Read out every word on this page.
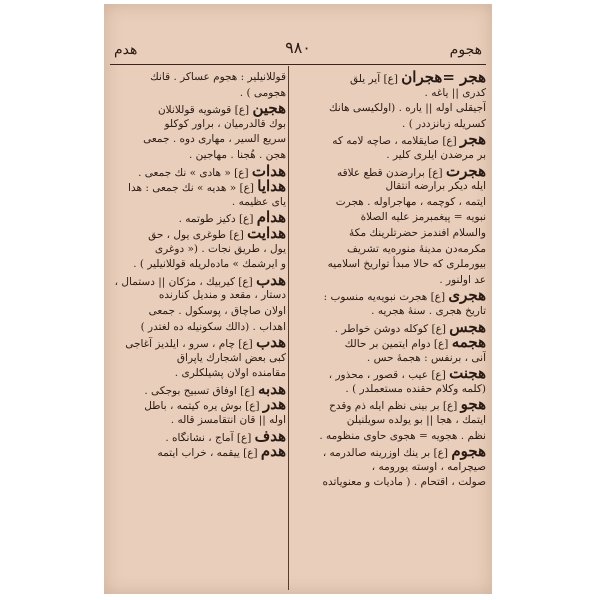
هجوم
۹۸۰
هدم
هجر =هجران [ع] آیر یلق
کدری || یاغه .
آجیقلی اوله || یاره . (اولکیسی هانك
کسریله زبانزددر ) .
هجر [ع] صایقلامه ، صاچه لامه که
بر مرضدن ایلری کلیر .
هجرت [ع] برارضدن قطع علاقه
ایله دیکر برارضه انتقال
ایتمه ، کوچمه ، مهاجراوله . هجرت
نبویه = پیغمبرمز علیه الصلاة
والسلام افندمز حضرتلرینك مکهٔ
مکرمه‌دن مدینهٔ منوره‌یه تشریف
بیورملری که حالا مبدأ تواریخ اسلامیه
عد اولنور .
هجری [ع] هجرت نبویه‌یه منسوب :
تاریخ هجری . سنهٔ هجریه .
هجس [ع] کوکله دوشن خواطر .
هجمه [ع] دوام ایتمین بر حالك
آنی ، برنفس : هجمهٔ حس .
هجنت [ع] عیب ، قصور ، محذور ،
(کلمه وکلام حقنده مستعملدر ) .
هجو [ع] بر بینی نظم ایله ذم وقدح
ایتمك ، هجا || بو یولده سویلنیلن
نظم . هجویه = هجوی حاوی منظومه .
هجوم [ع] بر ینك اوزرینه صالدرمه ،
صیچرامه ، اوسته یورومه ،
صولت ، اقتحام . ( مادیات و معنویاتده
قوللانیلیر : هجوم عساکر . قانك
هجومی ) .
هجین [ع] قوشویه قوللانلان
بوك قالدرمیان ، براور کوکلو
سریع السیر ، مهاری دوه . جمعی
هجن . هُجنا . مهاجین .
هدات [ع] « هادی » نك جمعی .
هدایا [ع] « هدیه » نك جمعی : هدا
یای عظیمه .
هدام [ع] دکیز طوتمه .
هدایت [ع] طوغری یول ، حق
یول ، طریق نجات . (« دوغری
و ایرشمك » ماده‌لریله قوللانیلیر ) .
هدب [ع] کیربیك ، مژکان || دستمال ،
دستار ، مقعد و مندیل کنارنده
اولان صاچاق ، پوسکول . جمعی
اهداب . (دالك سکونیله ده لغتدر )
هدب [ع] چام ، سرو ، ایلدیز آغاجی
کبی بعض اشجارك یاپراق
مقامنده اولان پشیلکلری .
هدبه [ع] اوفاق تسبیح بوجکی .
هدر [ع] بوش یره کیتمه ، باطل
اوله || قان انتقامسز قاله .
هدف [ع] آماج ، نشانگاه .
هدم [ع] ییقمه ، خراب ایتمه
